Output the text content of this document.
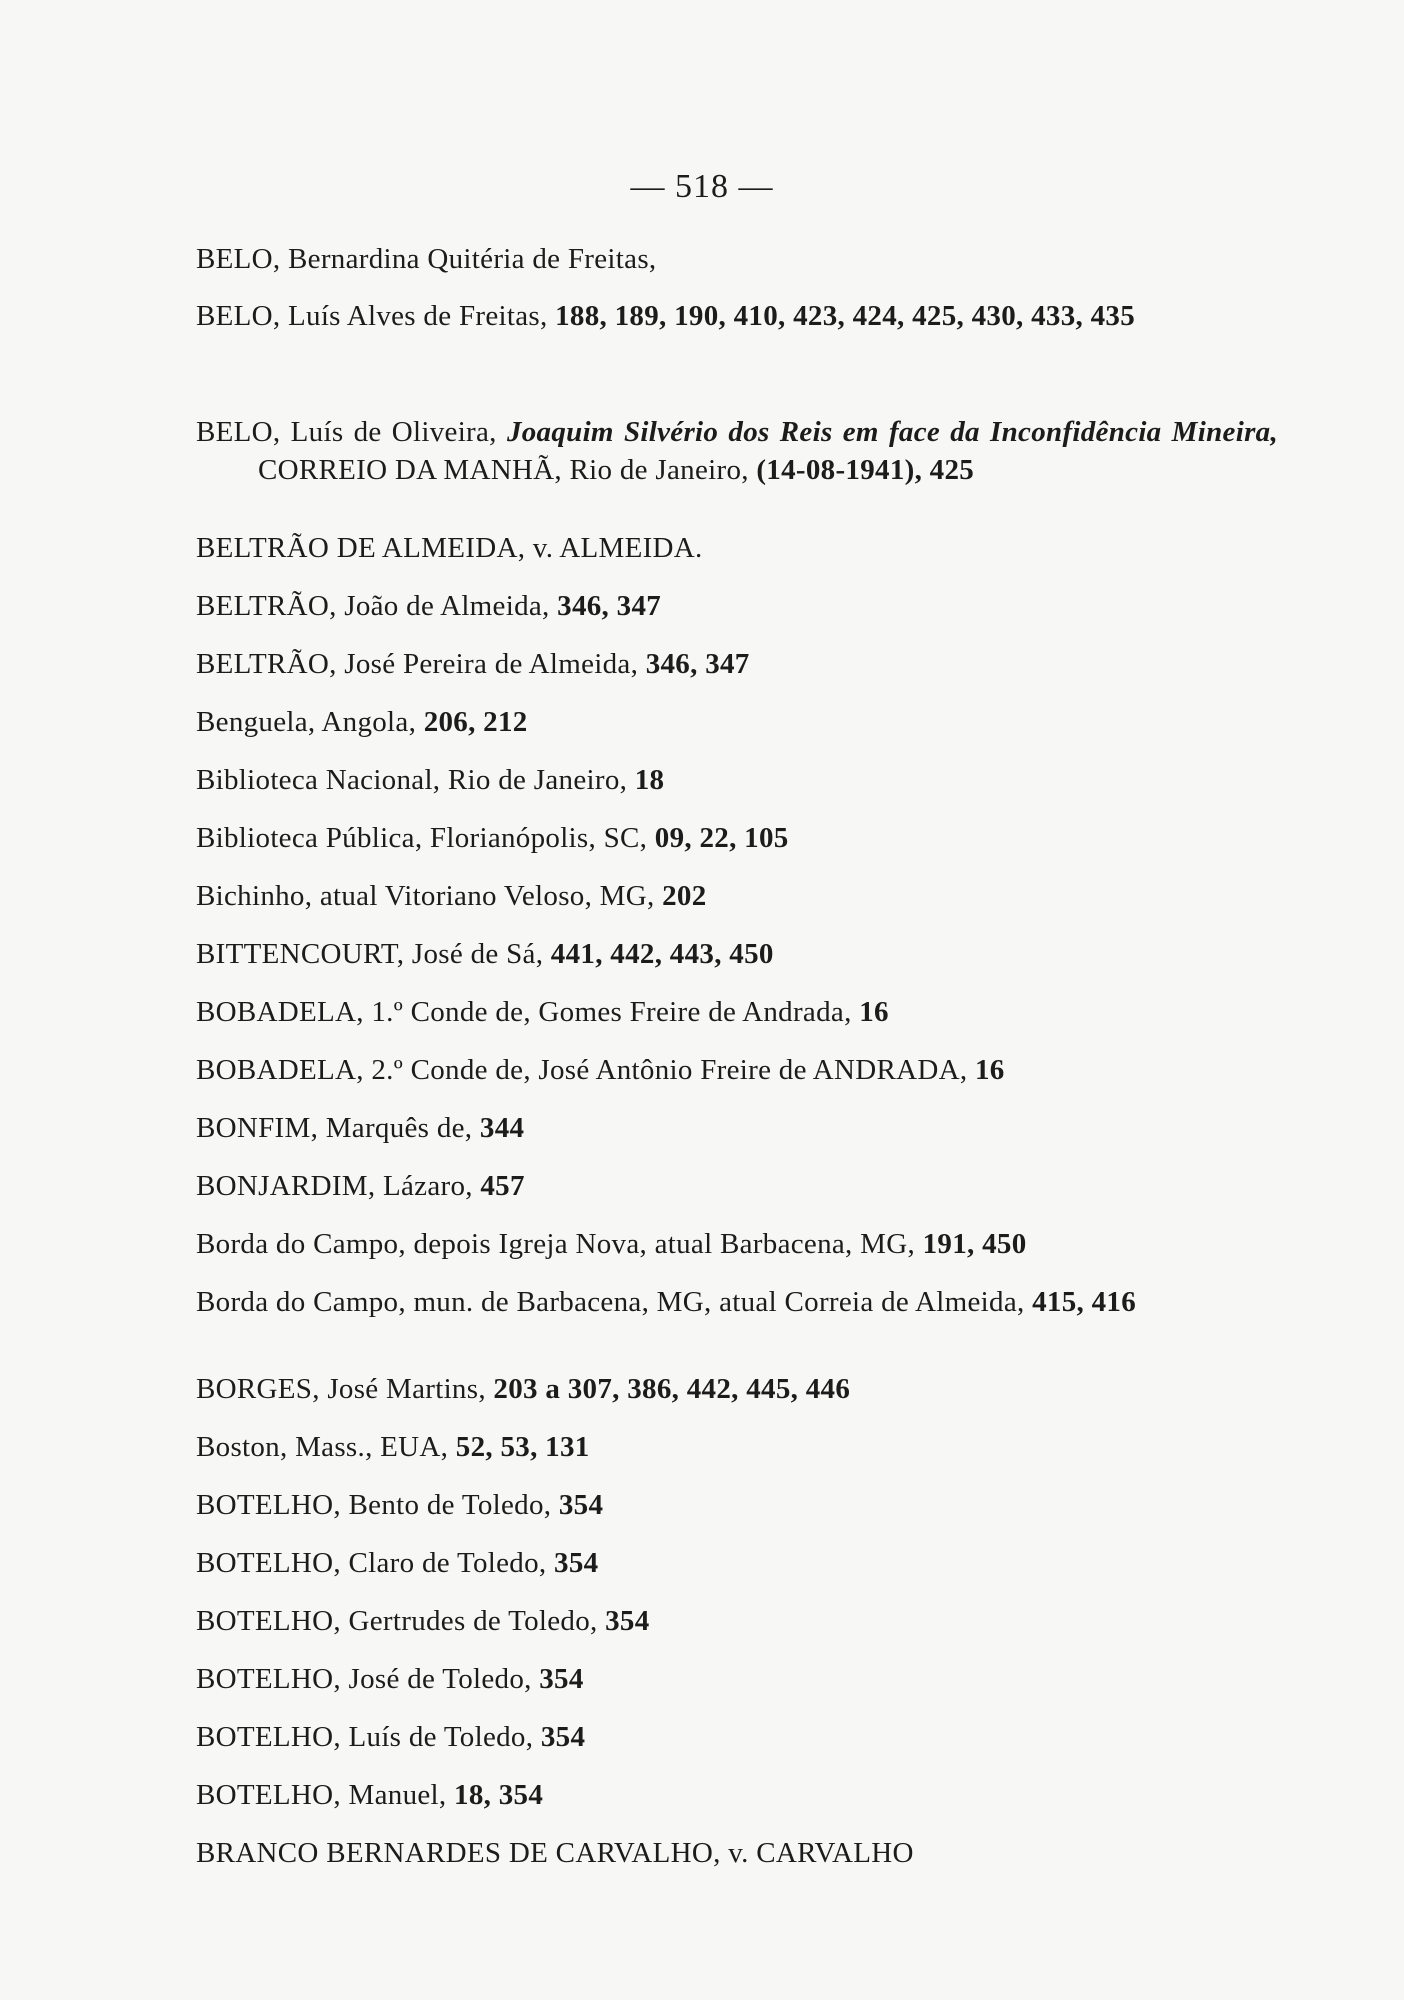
— 518 —
BELO, Bernardina Quitéria de Freitas,
BELO, Luís Alves de Freitas, 188, 189, 190, 410, 423, 424, 425, 430, 433, 435
BELO, Luís de Oliveira, Joaquim Silvério dos Reis em face da Inconfidência Mineira, CORREIO DA MANHÃ, Rio de Janeiro, (14-08-1941), 425
BELTRÃO DE ALMEIDA, v. ALMEIDA.
BELTRÃO, João de Almeida, 346, 347
BELTRÃO, José Pereira de Almeida, 346, 347
Benguela, Angola, 206, 212
Biblioteca Nacional, Rio de Janeiro, 18
Biblioteca Pública, Florianópolis, SC, 09, 22, 105
Bichinho, atual Vitoriano Veloso, MG, 202
BITTENCOURT, José de Sá, 441, 442, 443, 450
BOBADELA, 1.º Conde de, Gomes Freire de Andrada, 16
BOBADELA, 2.º Conde de, José Antônio Freire de ANDRADA, 16
BONFIM, Marquês de, 344
BONJARDIM, Lázaro, 457
Borda do Campo, depois Igreja Nova, atual Barbacena, MG, 191, 450
Borda do Campo, mun. de Barbacena, MG, atual Correia de Almeida, 415, 416
BORGES, José Martins, 203 a 307, 386, 442, 445, 446
Boston, Mass., EUA, 52, 53, 131
BOTELHO, Bento de Toledo, 354
BOTELHO, Claro de Toledo, 354
BOTELHO, Gertrudes de Toledo, 354
BOTELHO, José de Toledo, 354
BOTELHO, Luís de Toledo, 354
BOTELHO, Manuel, 18, 354
BRANCO BERNARDES DE CARVALHO, v. CARVALHO
